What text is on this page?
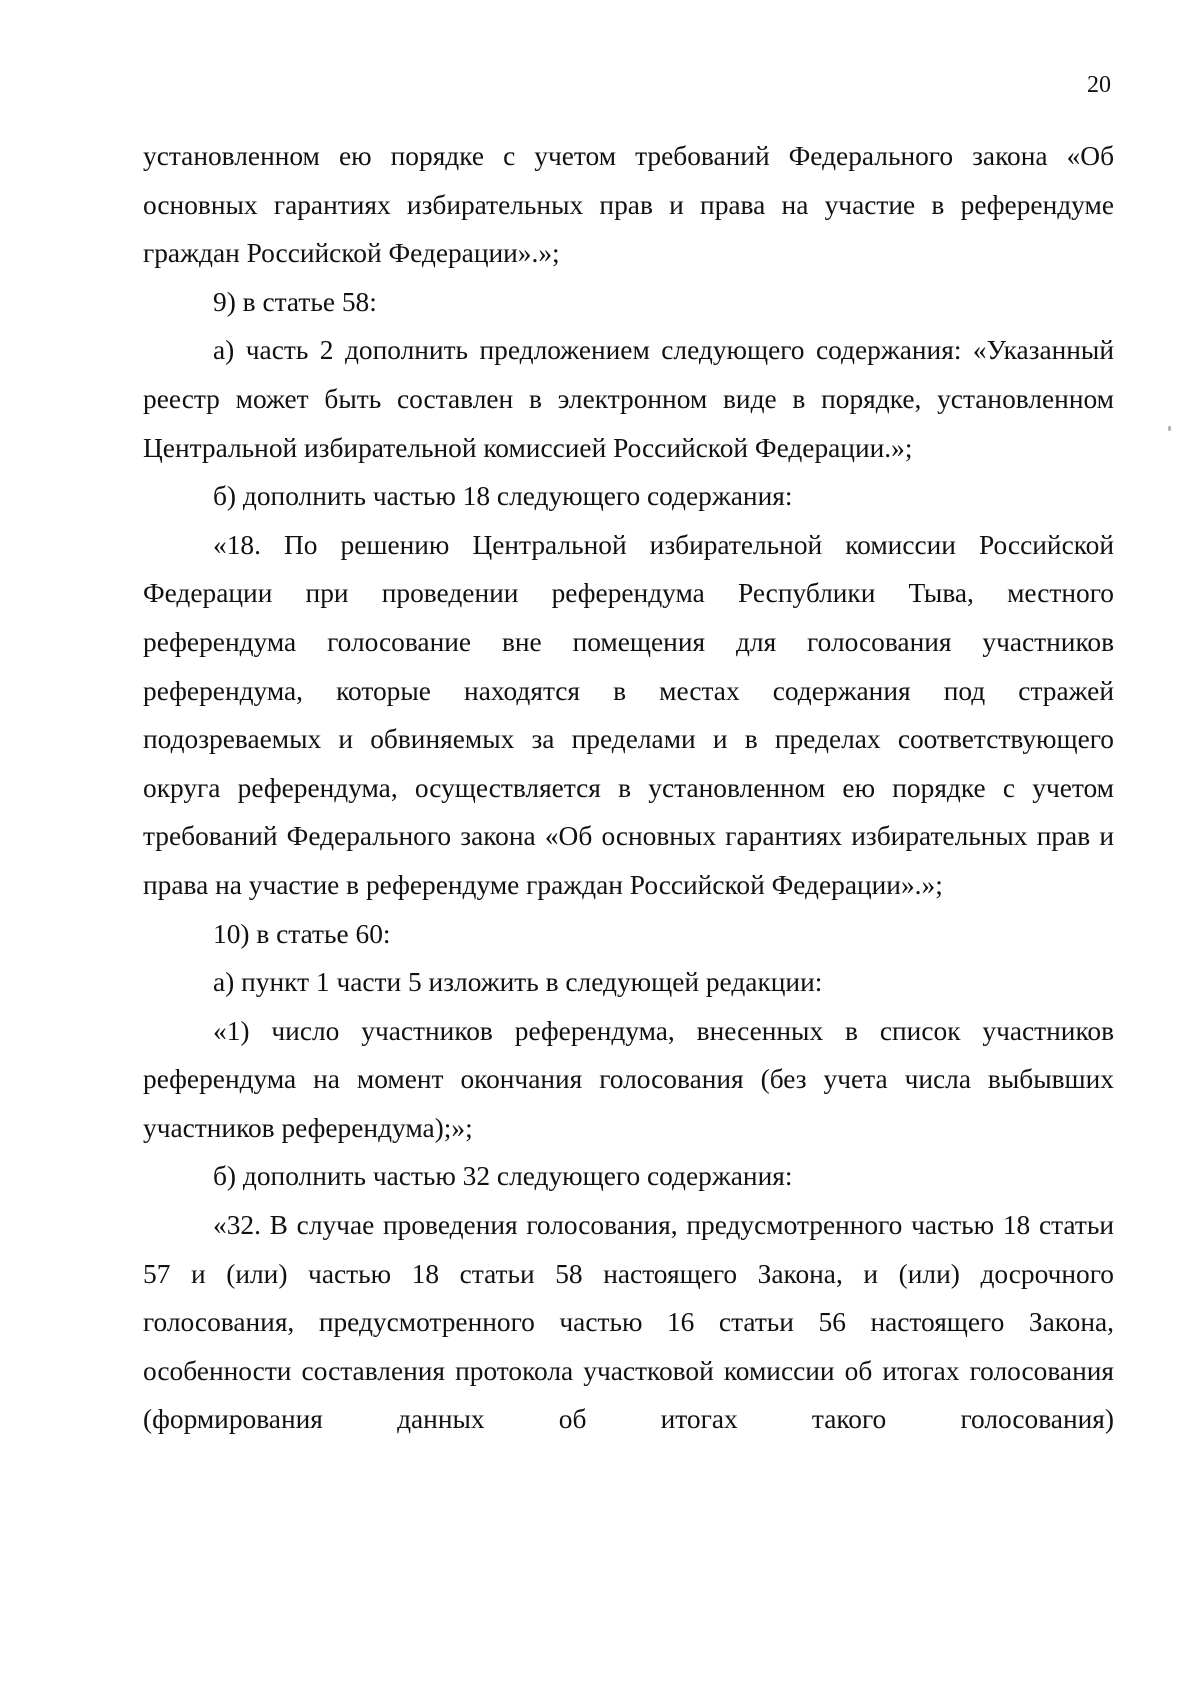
20

установленном ею порядке с учетом требований Федерального закона «Об основных гарантиях избирательных прав и права на участие в референдуме граждан Российской Федерации».»;

9) в статье 58:

а) часть 2 дополнить предложением следующего содержания: «Указанный реестр может быть составлен в электронном виде в порядке, установленном Центральной избирательной комиссией Российской Федерации.»;

б) дополнить частью 18 следующего содержания:

«18. По решению Центральной избирательной комиссии Российской Федерации при проведении референдума Республики Тыва, местного референдума голосование вне помещения для голосования участников референдума, которые находятся в местах содержания под стражей подозреваемых и обвиняемых за пределами и в пределах соответствующего округа референдума, осуществляется в установленном ею порядке с учетом требований Федерального закона «Об основных гарантиях избирательных прав и права на участие в референдуме граждан Российской Федерации».»;

10) в статье 60:

а) пункт 1 части 5 изложить в следующей редакции:

«1) число участников референдума, внесенных в список участников референдума на момент окончания голосования (без учета числа выбывших участников референдума);»;

б) дополнить частью 32 следующего содержания:

«32. В случае проведения голосования, предусмотренного частью 18 статьи 57 и (или) частью 18 статьи 58 настоящего Закона, и (или) досрочного голосования, предусмотренного частью 16 статьи 56 настоящего Закона, особенности составления протокола участковой комиссии об итогах голосования (формирования данных об итогах такого голосования)
